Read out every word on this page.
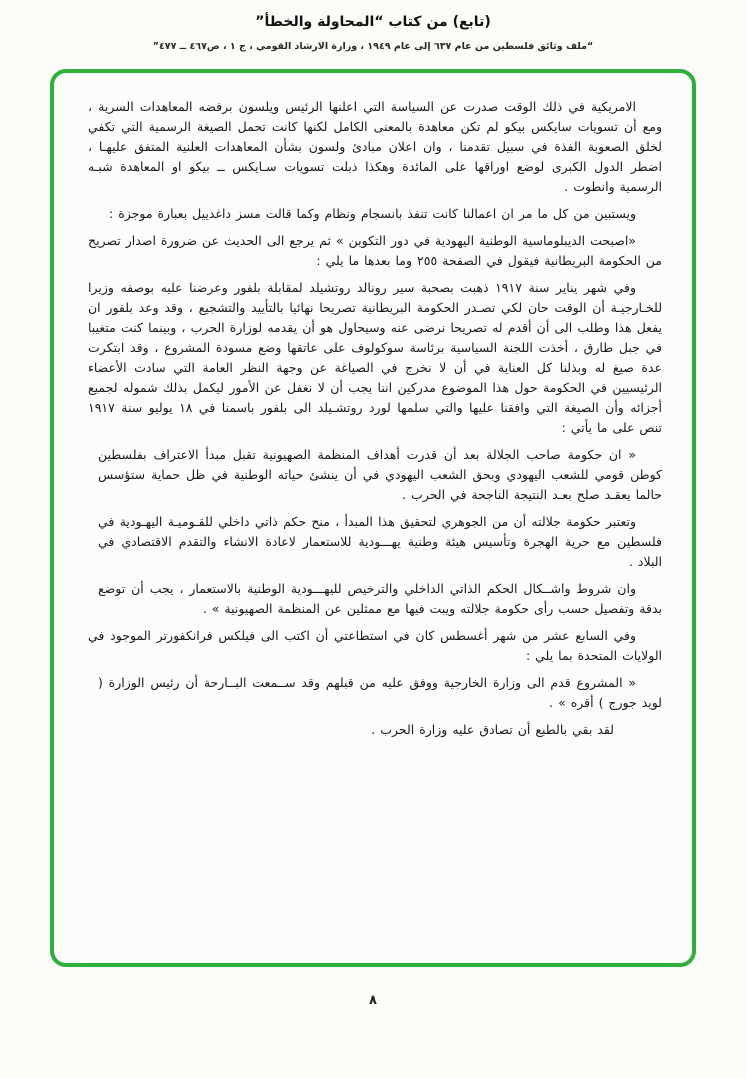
(تابع) من كتاب “المحاولة والخطأ”
“ملف وثائق فلسطين من عام ٦٣٧ إلى عام ١٩٤٩ ، وزارة الارشاد القومي ، ج ١ ، ص٤٦٧ ــ ٤٧٧”

الامريكية في ذلك الوقت صدرت عن السياسة التي اعلنها الرئيس ويلسون برفضه المعاهدات السرية ، ومع أن تسويات سايكس بيكو لم تكن معاهدة بالمعنى الكامل لكنها كانت تحمل الصيغة الرسمية التي تكفي لخلق الصعوبة الفذة في سبيل تقدمنا ، وان اعلان مبادئ ولسون بشأن المعاهدات العلنية المتفق عليهـا ، اضطر الدول الكبرى لوضع اوراقها على المائدة وهكذا ذبلت تسويات سـايكس ــ بيكو او المعاهدة شبـه الرسمية وانطوت .

ويستبين من كل ما مر ان اعمالنا كانت تنفذ بانسجام ونظام وكما قالت مسز داغدييل بعبارة موجزة :

«اصبحت الديبلوماسية الوطنية اليهودية في دور التكوين » ثم يرجع الى الحديث عن ضرورة اصدار تصريح من الحكومة البريطانية فيقول في الصفحة ٢٥٥ وما بعدها ما يلي :

وفي شهر يناير سنة ١٩١٧ ذهبت بصحبة سير رونالد روتشيلد لمقابلة بلفور وعرضنا عليه بوصفه وزيرا للخـارجيـة أن الوقت حان لكي تصـدر الحكومة البريطانية تصريحا نهائيا بالتأييد والتشجيع ، وقد وعد بلفور ان يفعل هذا وطلب الى أن أقدم له تصريحا نرضى عنه وسيحاول هو أن يقدمه لوزارة الحرب ، وبينما كنت متغيبا في جبل طارق ، أخذت اللجنة السياسية برئاسة سوكولوف على عاتقها وضع مسودة المشروع ، وقد ابتكرت عدة صيغ له وبذلنا كل العناية في أن لا نخرج في الصياغة عن وجهة النظر العامة التي سادت الأعضاء الرئيسيين في الحكومة حول هذا الموضوع مدركين اننا يجب أن لا نغفل عن الأمور ليكمل بذلك شموله لجميع أجزائه وأن الصيغة التي وافقنا عليها والتي سلمها لورد روتشـيلد الى بلفور باسمنا في ١٨ يوليو سنة ١٩١٧ تنص على ما يأتي :

« ان حكومة صاحب الجلالة بعد أن قدرت أهداف المنظمة الصهيونية تقبل مبدأ الاعتراف بفلسطين كوطن قومي للشعب اليهودي وبحق الشعب اليهودي في أن ينشئ حياته الوطنية في ظل حماية ستؤسس حالما يعقـد صلح بعـد النتيجة الناجحة في الحرب .

وتعتبر حكومة جلالته أن من الجوهري لتحقيق هذا المبدأ ، منح حكم ذاتي داخلي للقـوميـة اليهـودية في فلسطين مع حرية الهجرة وتأسيس هيئة وطنية يهـــودية للاستعمار لاعادة الانشاء والتقدم الاقتصادي في البلاد .

وان شروط واشــكال الحكم الذاتي الداخلي والترخيص لليهـــودية الوطنية بالاستعمار ، يجب أن توضع بدقة وتفصيل حسب رأى حكومة جلالته ويبت فيها مع ممثلين عن المنظمة الصهيونية » .

وفي السابع عشر من شهر أغسطس كان في استطاعتي أن اكتب الى فيلكس فرانكفورتر الموجود في الولايات المتحدة بما يلي :

« المشروع قدم الى وزارة الخارجية ووفق عليه من قبلهم وقد ســمعت البــارحة أن رئيس الوزارة ( لويد جورج ) أقره » .

لقد بقي بالطبع أن تصادق عليه وزارة الحرب .

٨
